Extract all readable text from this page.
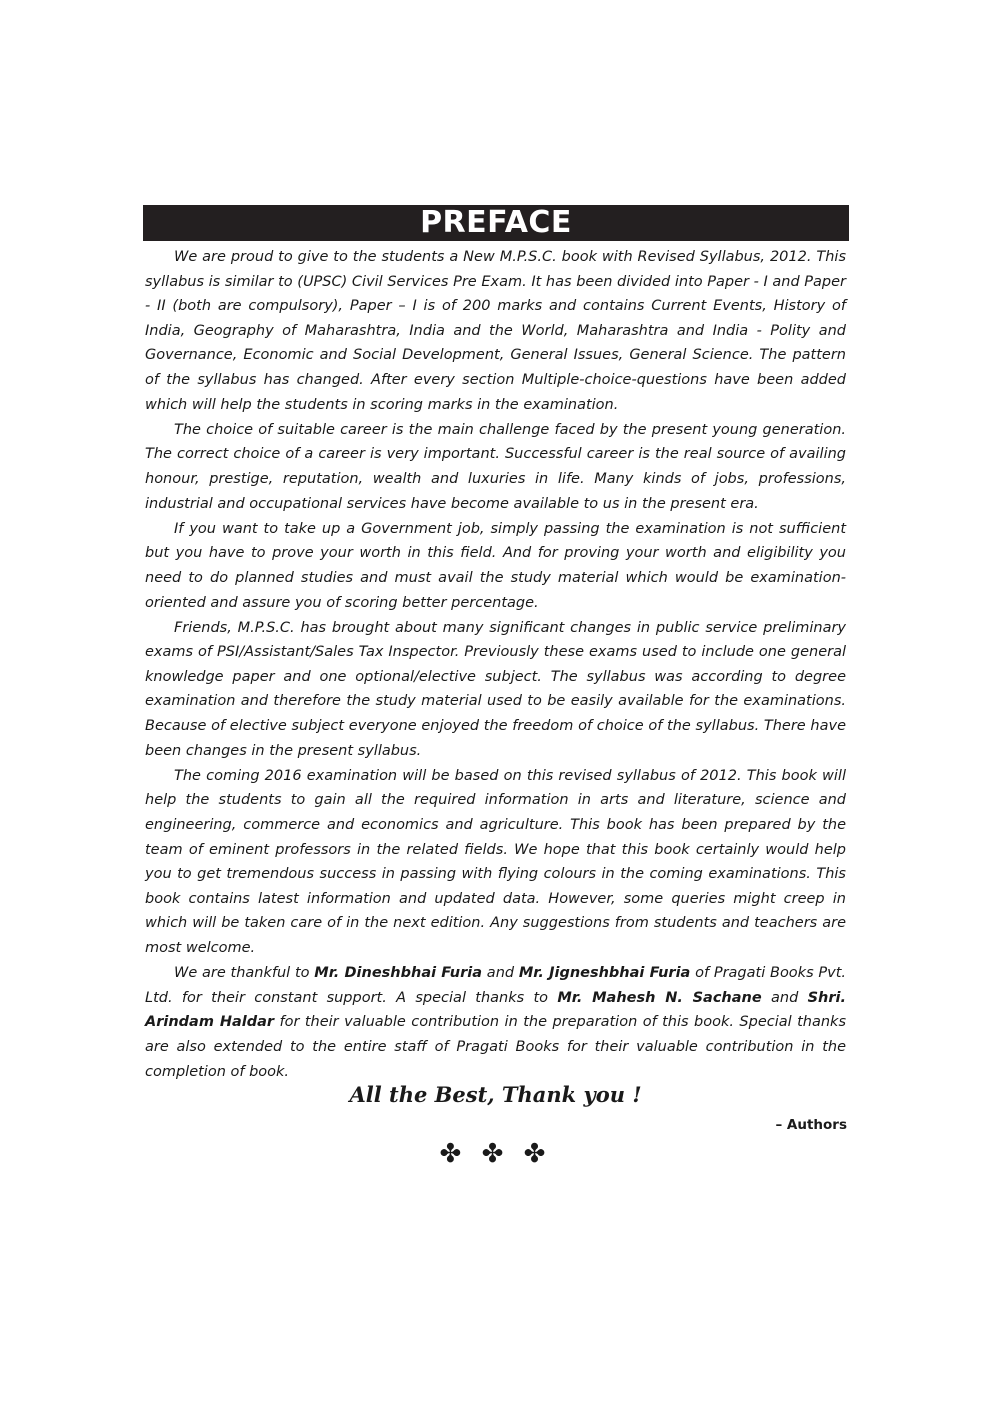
PREFACE

We are proud to give to the students a New M.P.S.C. book with Revised Syllabus, 2012. This syllabus is similar to (UPSC) Civil Services Pre Exam. It has been divided into Paper - I and Paper - II (both are compulsory), Paper – I is of 200 marks and contains Current Events, History of India, Geography of Maharashtra, India and the World, Maharashtra and India - Polity and Governance, Economic and Social Development, General Issues, General Science. The pattern of the syllabus has changed. After every section Multiple-choice-questions have been added which will help the students in scoring marks in the examination.

The choice of suitable career is the main challenge faced by the present young generation. The correct choice of a career is very important. Successful career is the real source of availing honour, prestige, reputation, wealth and luxuries in life. Many kinds of jobs, professions, industrial and occupational services have become available to us in the present era.

If you want to take up a Government job, simply passing the examination is not sufficient but you have to prove your worth in this field. And for proving your worth and eligibility you need to do planned studies and must avail the study material which would be examination-oriented and assure you of scoring better percentage.

Friends, M.P.S.C. has brought about many significant changes in public service preliminary exams of PSI/Assistant/Sales Tax Inspector. Previously these exams used to include one general knowledge paper and one optional/elective subject. The syllabus was according to degree examination and therefore the study material used to be easily available for the examinations. Because of elective subject everyone enjoyed the freedom of choice of the syllabus. There have been changes in the present syllabus.

The coming 2016 examination will be based on this revised syllabus of 2012. This book will help the students to gain all the required information in arts and literature, science and engineering, commerce and economics and agriculture. This book has been prepared by the team of eminent professors in the related fields. We hope that this book certainly would help you to get tremendous success in passing with flying colours in the coming examinations. This book contains latest information and updated data. However, some queries might creep in which will be taken care of in the next edition. Any suggestions from students and teachers are most welcome.

We are thankful to Mr. Dineshbhai Furia and Mr. Jigneshbhai Furia of Pragati Books Pvt. Ltd. for their constant support. A special thanks to Mr. Mahesh N. Sachane and Shri. Arindam Haldar for their valuable contribution in the preparation of this book. Special thanks are also extended to the entire staff of Pragati Books for their valuable contribution in the completion of book.

All the Best, Thank you !
– Authors
✤ ✤ ✤
